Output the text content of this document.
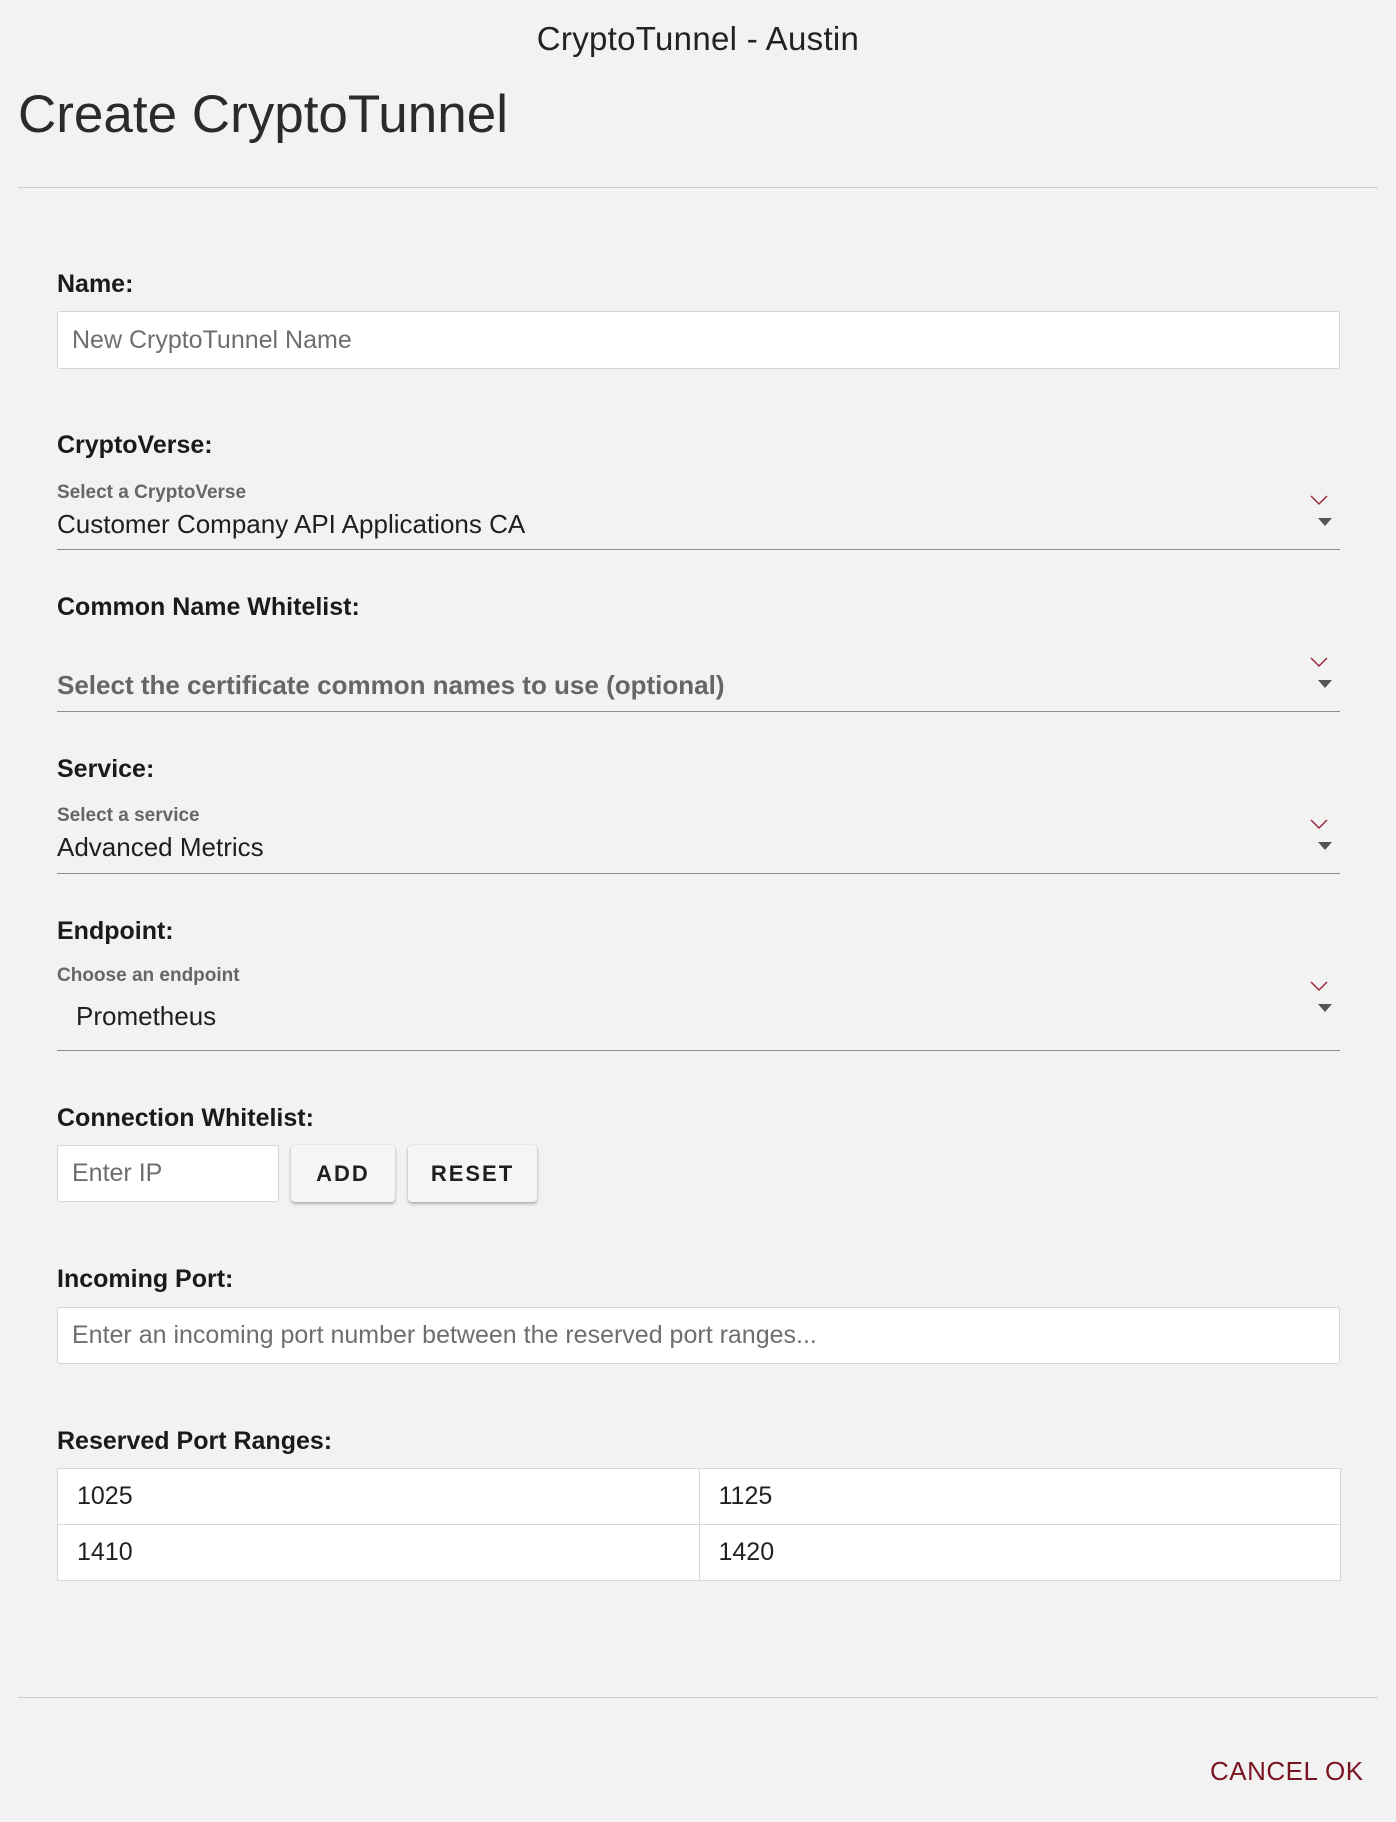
CryptoTunnel - Austin
Create CryptoTunnel
Name:
New CryptoTunnel Name
CryptoVerse:
Select a CryptoVerse
Customer Company API Applications CA
Common Name Whitelist:
Select the certificate common names to use (optional)
Service:
Select a service
Advanced Metrics
Endpoint:
Choose an endpoint
Prometheus
Connection Whitelist:
Enter IP
ADD	RESET
Incoming Port:
Enter an incoming port number between the reserved port ranges...
Reserved Port Ranges:
1025	1125
1410	1420
CANCEL OK
